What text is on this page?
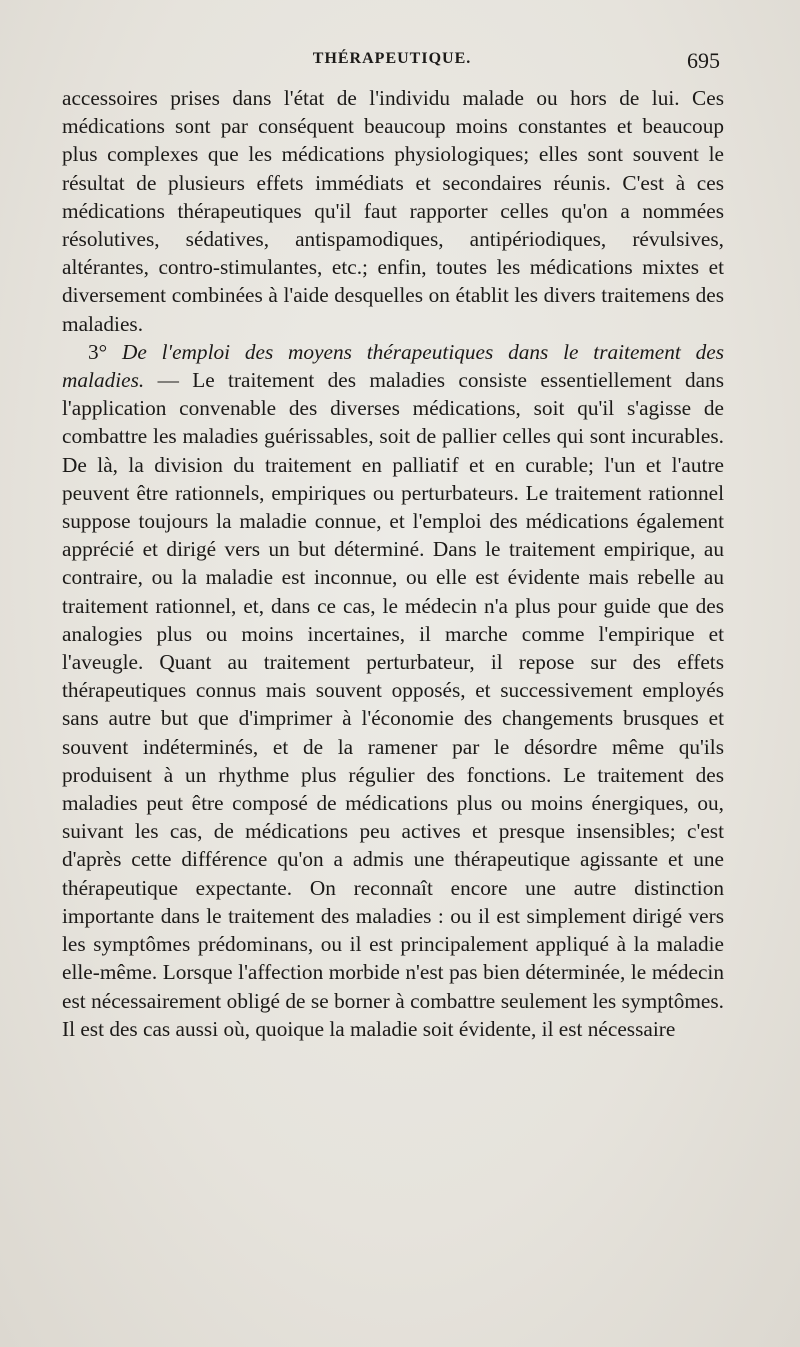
THÉRAPEUTIQUE.	695

accessoires prises dans l'état de l'individu malade ou hors de lui. Ces médications sont par conséquent beaucoup moins constantes et beaucoup plus complexes que les médications physiologiques; elles sont souvent le résultat de plusieurs effets immédiats et secondaires réunis. C'est à ces médications thérapeutiques qu'il faut rapporter celles qu'on a nommées résolutives, sédatives, antispamodiques, antipériodiques, révulsives, altérantes, contro-stimulantes, etc.; enfin, toutes les médications mixtes et diversement combinées à l'aide desquelles on établit les divers traitemens des maladies.

3° De l'emploi des moyens thérapeutiques dans le traitement des maladies. — Le traitement des maladies consiste essentiellement dans l'application convenable des diverses médications, soit qu'il s'agisse de combattre les maladies guérissables, soit de pallier celles qui sont incurables. De là, la division du traitement en palliatif et en curable; l'un et l'autre peuvent être rationnels, empiriques ou perturbateurs. Le traitement rationnel suppose toujours la maladie connue, et l'emploi des médications également apprécié et dirigé vers un but déterminé. Dans le traitement empirique, au contraire, ou la maladie est inconnue, ou elle est évidente mais rebelle au traitement rationnel, et, dans ce cas, le médecin n'a plus pour guide que des analogies plus ou moins incertaines, il marche comme l'empirique et l'aveugle. Quant au traitement perturbateur, il repose sur des effets thérapeutiques connus mais souvent opposés, et successivement employés sans autre but que d'imprimer à l'économie des changements brusques et souvent indéterminés, et de la ramener par le désordre même qu'ils produisent à un rhythme plus régulier des fonctions. Le traitement des maladies peut être composé de médications plus ou moins énergiques, ou, suivant les cas, de médications peu actives et presque insensibles; c'est d'après cette différence qu'on a admis une thérapeutique agissante et une thérapeutique expectante. On reconnaît encore une autre distinction importante dans le traitement des maladies : ou il est simplement dirigé vers les symptômes prédominans, ou il est principalement appliqué à la maladie elle-même. Lorsque l'affection morbide n'est pas bien déterminée, le médecin est nécessairement obligé de se borner à combattre seulement les symptômes. Il est des cas aussi où, quoique la maladie soit évidente, il est nécessaire
